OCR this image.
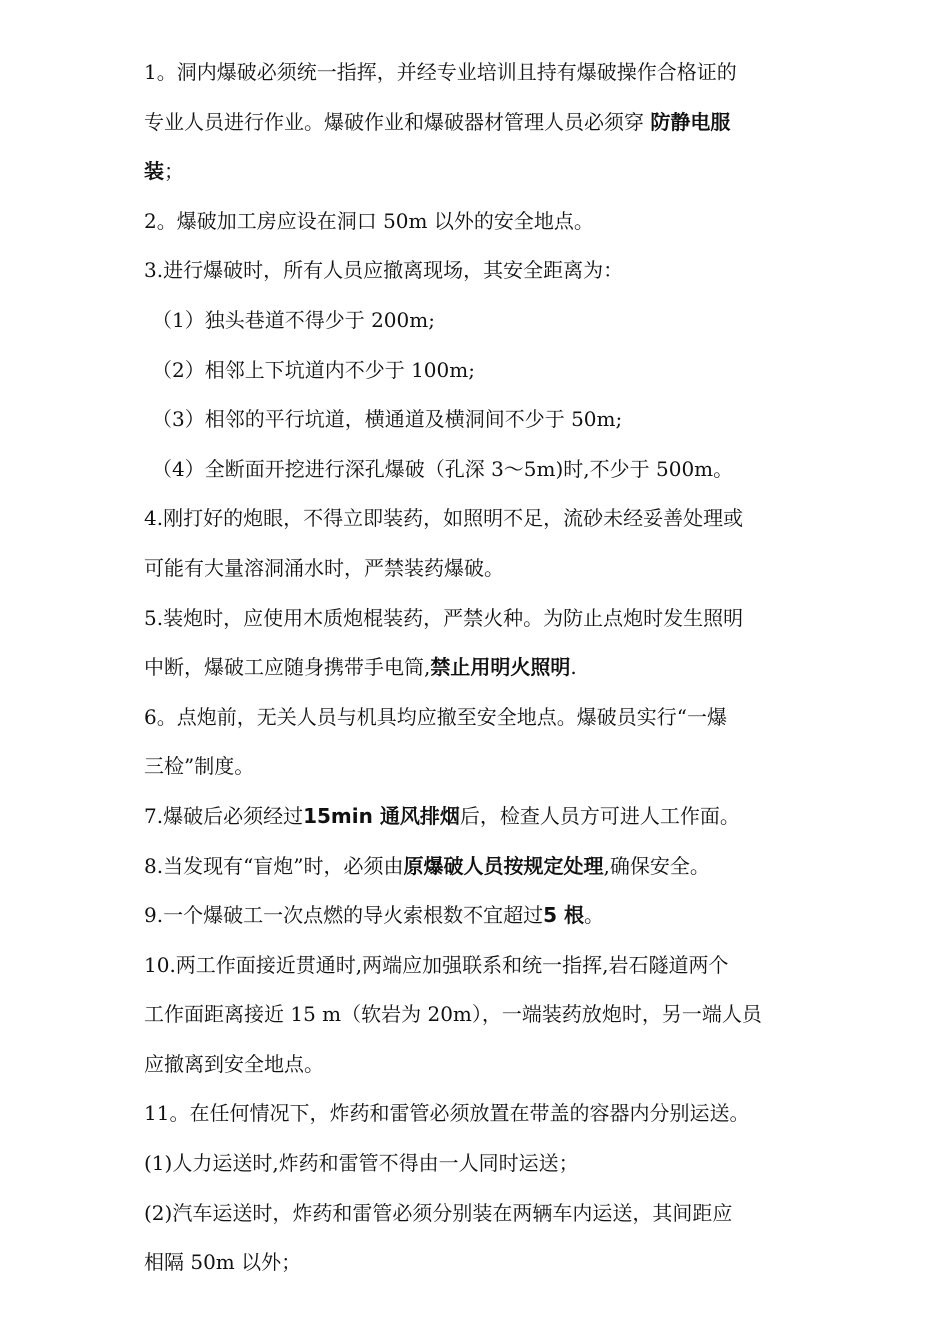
1。洞内爆破必须统一指挥，并经专业培训且持有爆破操作合格证的
专业人员进行作业。爆破作业和爆破器材管理人员必须穿 防静电服
装；
2。爆破加工房应设在洞口 50m 以外的安全地点。
3.进行爆破时，所有人员应撤离现场，其安全距离为：
（1）独头巷道不得少于 200m;
（2）相邻上下坑道内不少于 100m;
（3）相邻的平行坑道，横通道及横洞间不少于 50m;
（4）全断面开挖进行深孔爆破（孔深 3～5m)时,不少于 500m。
4.刚打好的炮眼，不得立即装药，如照明不足，流砂未经妥善处理或
可能有大量溶洞涌水时，严禁装药爆破。
5.装炮时，应使用木质炮棍装药，严禁火种。为防止点炮时发生照明
中断，爆破工应随身携带手电筒,禁止用明火照明.
6。点炮前，无关人员与机具均应撤至安全地点。爆破员实行“一爆
三检”制度。
7.爆破后必须经过15min 通风排烟后，检查人员方可进人工作面。
8.当发现有“盲炮”时，必须由原爆破人员按规定处理,确保安全。
9.一个爆破工一次点燃的导火索根数不宜超过5 根。
10.两工作面接近贯通时,两端应加强联系和统一指挥,岩石隧道两个
工作面距离接近 15 m（软岩为 20m），一端装药放炮时，另一端人员
应撤离到安全地点。
11。在任何情况下，炸药和雷管必须放置在带盖的容器内分别运送。
(1)人力运送时,炸药和雷管不得由一人同时运送；
(2)汽车运送时，炸药和雷管必须分别装在两辆车内运送，其间距应
相隔 50m 以外；
